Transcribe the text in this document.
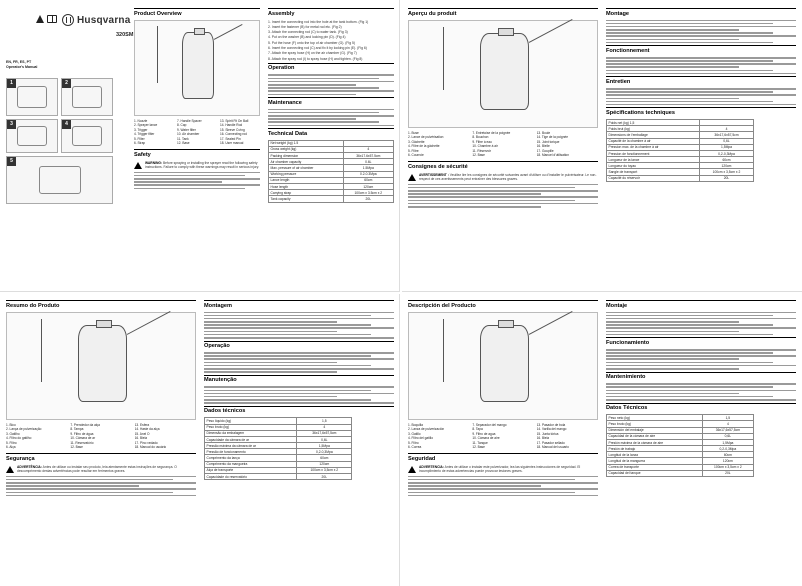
Husqvarna
320SM
EN, FR, ES, PT
Operator's Manual
1	2
3	4
5
Product Overview
1. Nozzle	7. Handle Spacer	13. Spirit Fit On Ball
2. Sprayer lance	8. Cap	14. Handle Rod
3. Trigger	9. Water filter	15. Sleeve O-ring
4. Trigger filter	10. Air chamber	16. Connecting rod
5. Filter	11. Tank	17. Sealed Pin
6. Strap	12. Base	18. User manual
Safety
WARNING: Before spraying or installing the sprayer read the following safety instructions. Failure to comply with these warnings may result in serious injury.
Assembly
1. Insert the connecting rod into the hole at the tank bottom. (Fig 1)
2. Insert the fastener (B) for metal rod etc. (Fig 2)
3. Attach the connecting rod (C) to water tank. (Fig 3)
4. Put on the washer (B) and locking pin (D). (Fig 4)
5. Put the hose (F) onto the top of air chamber (G). (Fig 5)
6. Insert the connecting rod (C) and fix it by locking pin (E). (Fig 6)
7. Attach the spray hose (H) on the air chamber (G). (Fig 7)
8. Attach the spray rod (I) to spray hose (H) and tighten. (Fig 8)
Operation
Maintenance
Technical Data
Net weight (kg) 1.5	
Gross weight (kg)	4
Packing dimension	36x17.6x57.5cm
Air chamber capacity	0.6L
Max. pressure of air chamber	1.5Mpa
Working pressure	0.2-0.3Mpa
Lance length	60cm
Hose length	120cm
Carrying strap	100cm x 3.5cm x 2
Tank capacity	20L
Aperçu du produit
1. Buse	7. Entretoise de la poignée	13. Boule
2. Lance de pulvérisation	8. Bouchon	14. Tige de la poignée
3. Gâchette	9. Filtre à eau	15. Joint torique
4. Filtre de la gâchette	10. Chambre à air	16. Bielle
5. Filtre	11. Réservoir	17. Goupille
6. Courroie	12. Base	18. Manuel d'utilisation
Consignes de sécurité
AVERTISSEMENT : Veuillez lire les consignes de sécurité suivantes avant d'utiliser ou d'installer le pulvérisateur. Le non-respect de ces avertissements peut entraîner des blessures graves.
Montage
Fonctionnement
Entretien
Spécifications techniques
Poids net (kg) 1,5	
Poids brut (kg)	4
Dimensions de l'emballage	36x17,6x57,5cm
Capacité de la chambre à air	0,6L
Pression max. de la chambre à air	1,5Mpa
Pression de fonctionnement	0,2-0,3Mpa
Longueur de la lance	60cm
Longueur du tuyau	120cm
Sangle de transport	100cm x 3,5cm x 2
Capacité du réservoir	20L
Resumo do Produto
1. Bico	7. Prendedor da alça	13. Esfera
2. Lança de pulverização	8. Tampa	14. Haste da alça
3. Gatilho	9. Filtro de água	15. Anel O
4. Filtro do gatilho	10. Câmara de ar	16. Biela
5. Filtro	11. Reservatório	17. Pino vedado
6. Alça	12. Base	18. Manual do usuário
Segurança
ADVERTÊNCIA: Antes de utilizar ou instalar seu produto, leia atentamente estas instruções de segurança. O descumprimento destas advertências pode resultar em ferimentos graves.
Montagem
Operação
Manutenção
Dados técnicos
Peso líquido (kg)	1,5
Peso bruto (kg)	4
Dimensão da embalagem	36x17,6x57,5cm
Capacidade da câmara de ar	0,6L
Pressão máxima da câmara de ar	1,5Mpa
Pressão de funcionamento	0,2-0,3Mpa
Comprimento da lança	60cm
Comprimento da mangueira	120cm
Alça de transporte	100cm x 3,5cm x 2
Capacidade do reservatório	20L
Descripción del Producto
1. Boquilla	7. Separador del mango	13. Pasador de bola
2. Lanza de pulverización	8. Tapa	14. Varilla del mango
3. Gatillo	9. Filtro de agua	15. Junta tórica
4. Filtro del gatillo	10. Cámara de aire	16. Biela
5. Filtro	11. Tanque	17. Pasador sellado
6. Correa	12. Base	18. Manual del usuario
Seguridad
ADVERTENCIA: Antes de utilizar o instalar este pulverizador, lea las siguientes instrucciones de seguridad. El incumplimiento de estas advertencias puede provocar lesiones graves.
Montaje
Funcionamiento
Mantenimiento
Datos Técnicos
Peso neto (kg)	1,5
Peso bruto (kg)	4
Dimensión del embalaje	36x17,6x57,5cm
Capacidad de la cámara de aire	0,6L
Presión máxima de la cámara de aire	1,5Mpa
Presión de trabajo	0,2-0,3Mpa
Longitud de la lanza	60cm
Longitud de la manguera	120cm
Correa de transporte	100cm x 3,5cm x 2
Capacidad del tanque	20L
